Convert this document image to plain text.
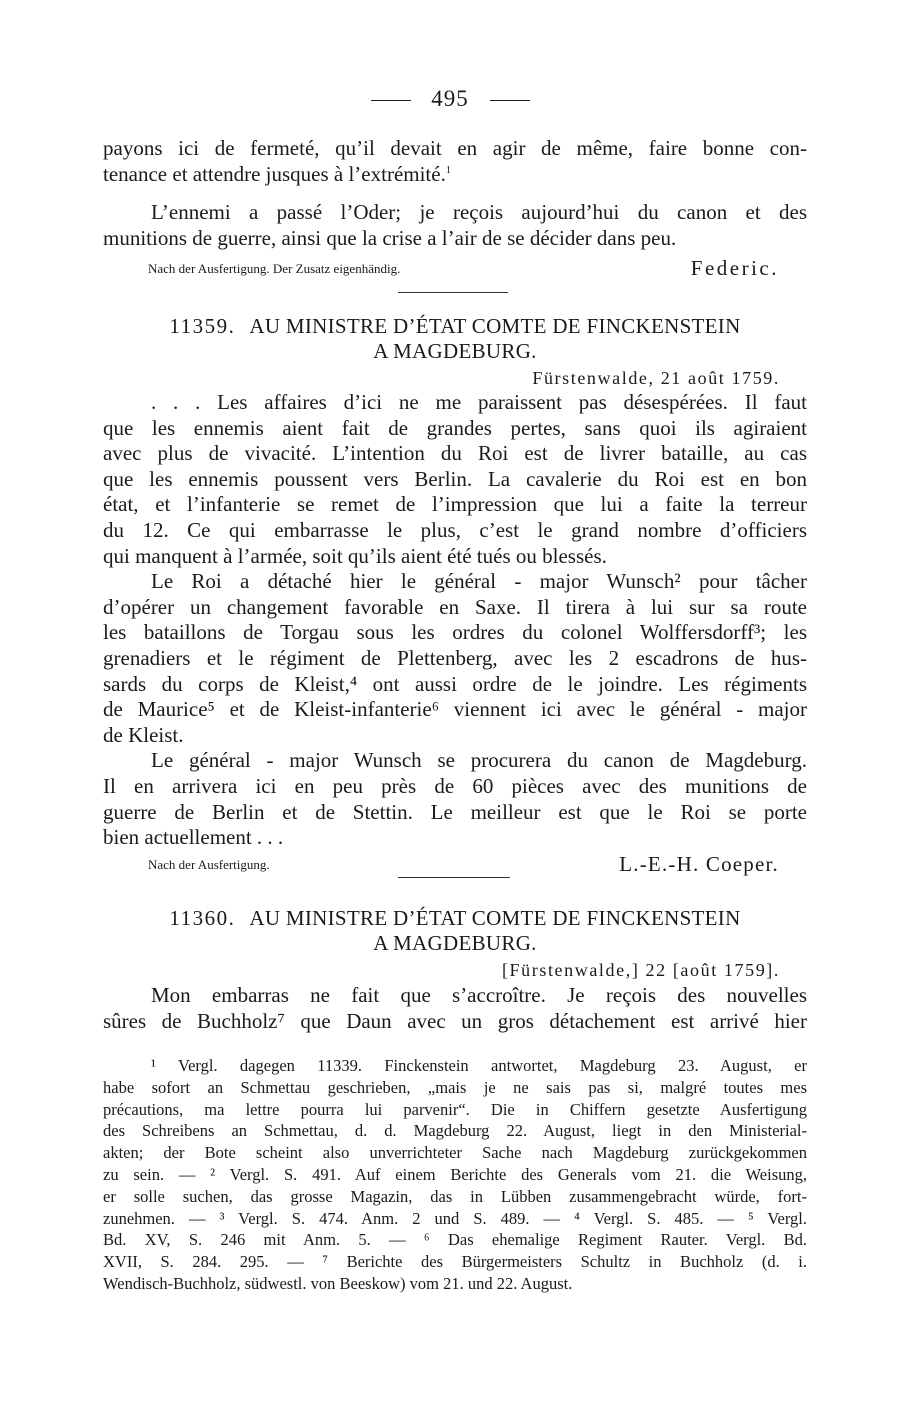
495
payons ici de fermeté, qu’il devait en agir de même, faire bonne con-
tenance et attendre jusques à l’extrémité.$^1$
L’ennemi a passé l’Oder; je reçois aujourd’hui du canon et des
munitions de guerre, ainsi que la crise a l’air de se décider dans peu.
Nach der Ausfertigung. Der Zusatz eigenhändig.	Federic.
11359. AU MINISTRE D’ÉTAT COMTE DE FINCKENSTEIN
A MAGDEBURG.
Fürstenwalde, 21 août 1759.
. . . Les affaires d’ici ne me paraissent pas désespérées. Il faut
que les ennemis aient fait de grandes pertes, sans quoi ils agiraient
avec plus de vivacité. L’intention du Roi est de livrer bataille, au cas
que les ennemis poussent vers Berlin. La cavalerie du Roi est en bon
état, et l’infanterie se remet de l’impression que lui a faite la terreur
du 12. Ce qui embarrasse le plus, c’est le grand nombre d’officiers
qui manquent à l’armée, soit qu’ils aient été tués ou blessés.
Le Roi a détaché hier le général - major Wunsch² pour tâcher
d’opérer un changement favorable en Saxe. Il tirera à lui sur sa route
les bataillons de Torgau sous les ordres du colonel Wolffersdorff³; les
grenadiers et le régiment de Plettenberg, avec les 2 escadrons de hus-
sards du corps de Kleist,⁴ ont aussi ordre de le joindre. Les régiments
de Maurice⁵ et de Kleist-infanterie⁶ viennent ici avec le général - major
de Kleist.
Le général - major Wunsch se procurera du canon de Magdeburg.
Il en arrivera ici en peu près de 60 pièces avec des munitions de
guerre de Berlin et de Stettin. Le meilleur est que le Roi se porte
bien actuellement . . .
Nach der Ausfertigung.	L.-E.-H. Coeper.
11360. AU MINISTRE D’ÉTAT COMTE DE FINCKENSTEIN
A MAGDEBURG.
[Fürstenwalde,] 22 [août 1759].
Mon embarras ne fait que s’accroître. Je reçois des nouvelles
sûres de Buchholz⁷ que Daun avec un gros détachement est arrivé hier
¹ Vergl. dagegen 11339. Finckenstein antwortet, Magdeburg 23. August, er
habe sofort an Schmettau geschrieben, „mais je ne sais pas si, malgré toutes mes
précautions, ma lettre pourra lui parvenir“. Die in Chiffern gesetzte Ausfertigung
des Schreibens an Schmettau, d. d. Magdeburg 22. August, liegt in den Ministerial-
akten; der Bote scheint also unverrichteter Sache nach Magdeburg zurückgekommen
zu sein. — ² Vergl. S. 491. Auf einem Berichte des Generals vom 21. die Weisung,
er solle suchen, das grosse Magazin, das in Lübben zusammengebracht würde, fort-
zunehmen. — ³ Vergl. S. 474. Anm. 2 und S. 489. — ⁴ Vergl. S. 485. — ⁵ Vergl.
Bd. XV, S. 246 mit Anm. 5. — ⁶ Das ehemalige Regiment Rauter. Vergl. Bd.
XVII, S. 284. 295. — ⁷ Berichte des Bürgermeisters Schultz in Buchholz (d. i.
Wendisch-Buchholz, südwestl. von Beeskow) vom 21. und 22. August.
